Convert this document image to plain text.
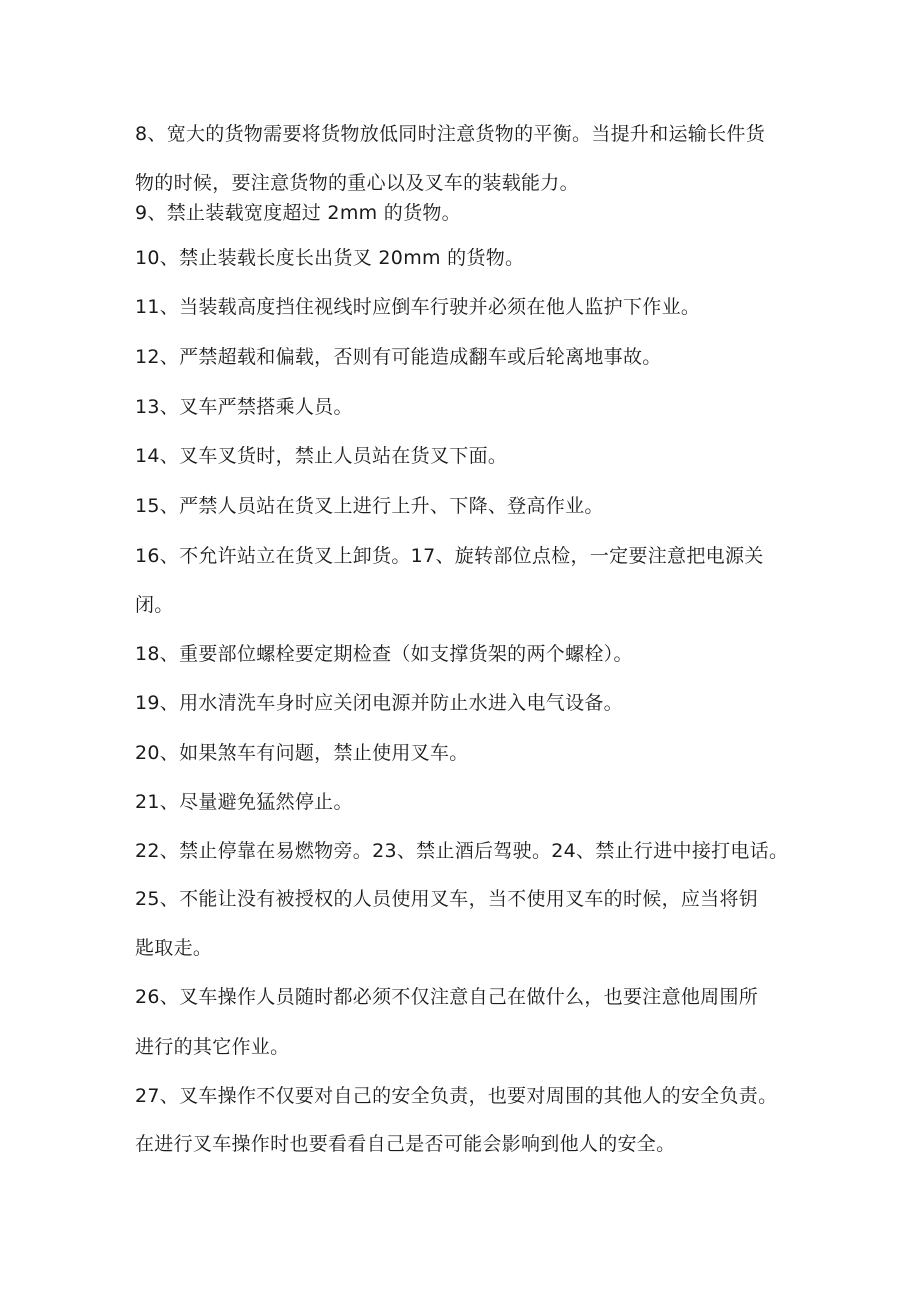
8、宽大的货物需要将货物放低同时注意货物的平衡。当提升和运输长件货
物的时候，要注意货物的重心以及叉车的装载能力。
9、禁止装载宽度超过 2mm 的货物。
10、禁止装载长度长出货叉 20mm 的货物。
11、当装载高度挡住视线时应倒车行驶并必须在他人监护下作业。
12、严禁超载和偏载，否则有可能造成翻车或后轮离地事故。
13、叉车严禁搭乘人员。
14、叉车叉货时，禁止人员站在货叉下面。
15、严禁人员站在货叉上进行上升、下降、登高作业。
16、不允许站立在货叉上卸货。17、旋转部位点检，一定要注意把电源关
闭。
18、重要部位螺栓要定期检查（如支撑货架的两个螺栓）。
19、用水清洗车身时应关闭电源并防止水进入电气设备。
20、如果煞车有问题，禁止使用叉车。
21、尽量避免猛然停止。
22、禁止停靠在易燃物旁。23、禁止酒后驾驶。24、禁止行进中接打电话。
25、不能让没有被授权的人员使用叉车，当不使用叉车的时候，应当将钥
匙取走。
26、叉车操作人员随时都必须不仅注意自己在做什么，也要注意他周围所
进行的其它作业。
27、叉车操作不仅要对自己的安全负责，也要对周围的其他人的安全负责。
在进行叉车操作时也要看看自己是否可能会影响到他人的安全。
